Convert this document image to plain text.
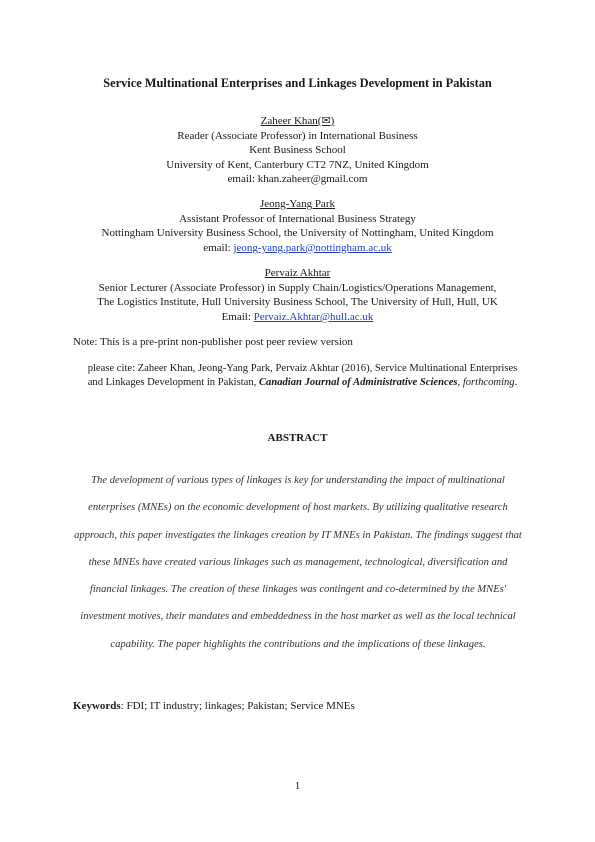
Service Multinational Enterprises and Linkages Development in Pakistan
Zaheer Khan(✉)
Reader (Associate Professor) in International Business
Kent Business School
University of Kent, Canterbury CT2 7NZ, United Kingdom
email: khan.zaheer@gmail.com
Jeong-Yang Park
Assistant Professor of International Business Strategy
Nottingham University Business School, the University of Nottingham, United Kingdom
email: jeong-yang.park@nottingham.ac.uk
Pervaiz Akhtar
Senior Lecturer (Associate Professor) in Supply Chain/Logistics/Operations Management,
The Logistics Institute, Hull University Business School, The University of Hull, Hull, UK
Email: Pervaiz.Akhtar@hull.ac.uk
Note: This is a pre-print non-publisher post peer review version
please cite: Zaheer Khan, Jeong-Yang Park, Pervaiz Akhtar (2016), Service Multinational Enterprises and Linkages Development in Pakistan, Canadian Journal of Administrative Sciences, forthcoming.
ABSTRACT
The development of various types of linkages is key for understanding the impact of multinational enterprises (MNEs) on the economic development of host markets. By utilizing qualitative research approach, this paper investigates the linkages creation by IT MNEs in Pakistan. The findings suggest that these MNEs have created various linkages such as management, technological, diversification and financial linkages. The creation of these linkages was contingent and co-determined by the MNEs' investment motives, their mandates and embeddedness in the host market as well as the local technical capability. The paper highlights the contributions and the implications of these linkages.
Keywords: FDI; IT industry; linkages; Pakistan; Service MNEs
1
